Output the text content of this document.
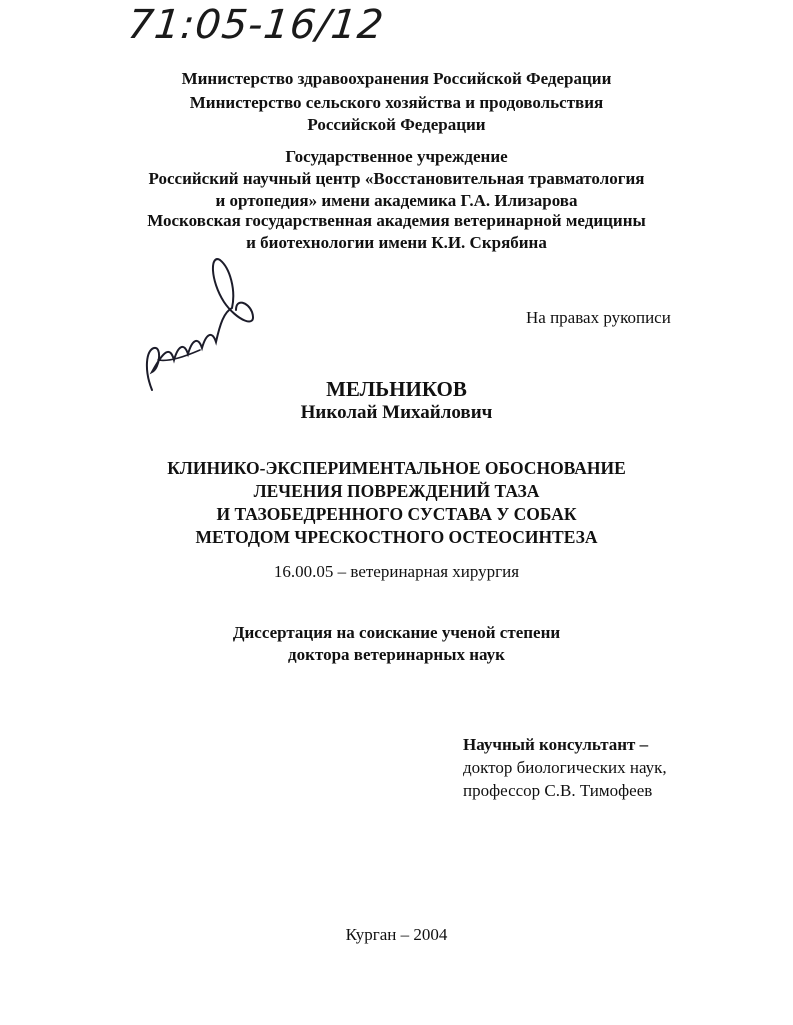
71:05-16/12
Министерство здравоохранения Российской Федерации
Министерство сельского хозяйства и продовольствия
Российской Федерации
Государственное учреждение
Российский научный центр «Восстановительная травматология
и ортопедия» имени академика Г.А. Илизарова
Московская государственная академия ветеринарной медицины
и биотехнологии имени К.И. Скрябина
На правах рукописи
МЕЛЬНИКОВ
Николай Михайлович
КЛИНИКО-ЭКСПЕРИМЕНТАЛЬНОЕ ОБОСНОВАНИЕ
ЛЕЧЕНИЯ ПОВРЕЖДЕНИЙ ТАЗА
И ТАЗОБЕДРЕННОГО СУСТАВА У СОБАК
МЕТОДОМ ЧРЕСКОСТНОГО ОСТЕОСИНТЕЗА
16.00.05 – ветеринарная хирургия
Диссертация на соискание ученой степени
доктора ветеринарных наук
Научный консультант –
доктор биологических наук,
профессор С.В. Тимофеев
Курган – 2004
